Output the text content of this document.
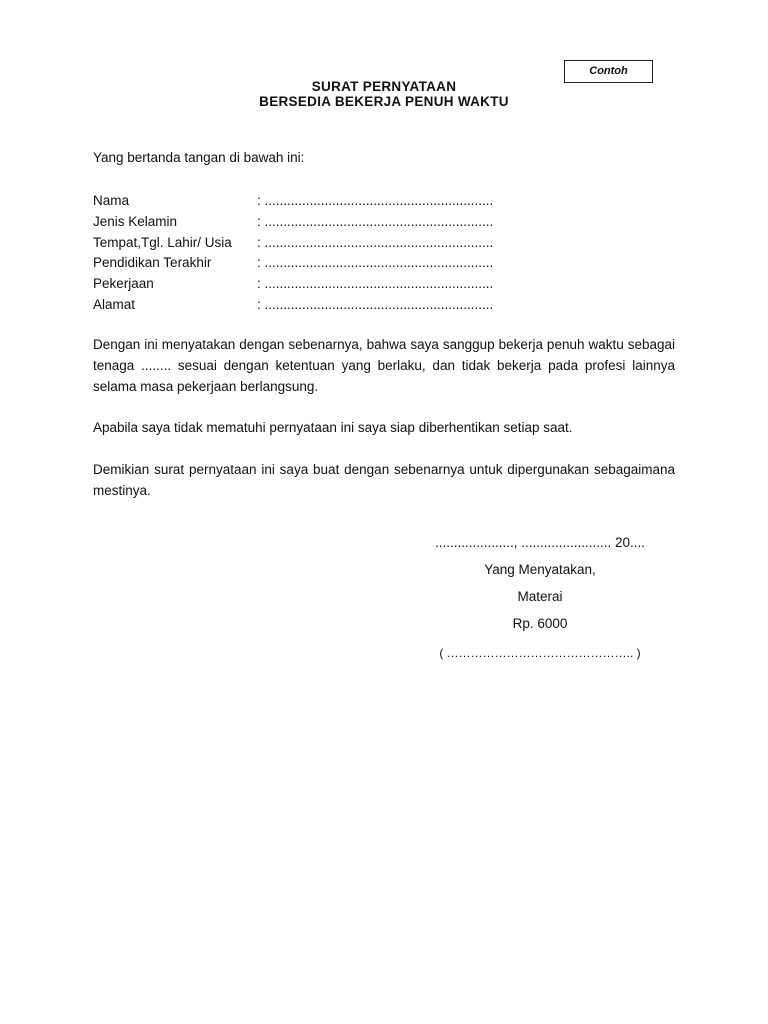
Contoh
SURAT PERNYATAAN
BERSEDIA BEKERJA PENUH WAKTU
Yang bertanda tangan di bawah ini:
Nama	: .............................................................
Jenis Kelamin	: .............................................................
Tempat,Tgl. Lahir/ Usia	: .............................................................
Pendidikan Terakhir	: .............................................................
Pekerjaan	: .............................................................
Alamat	: .............................................................
Dengan ini menyatakan dengan sebenarnya, bahwa saya sanggup bekerja penuh waktu sebagai tenaga ........ sesuai dengan ketentuan yang berlaku, dan tidak bekerja pada profesi lainnya selama masa pekerjaan berlangsung.
Apabila saya tidak mematuhi pernyataan ini saya siap diberhentikan setiap saat.
Demikian surat pernyataan ini saya buat dengan sebenarnya untuk dipergunakan sebagaimana mestinya.
....................., ........................ 20....
Yang Menyatakan,
Materai
Rp. 6000
( ……………………………………….. )
